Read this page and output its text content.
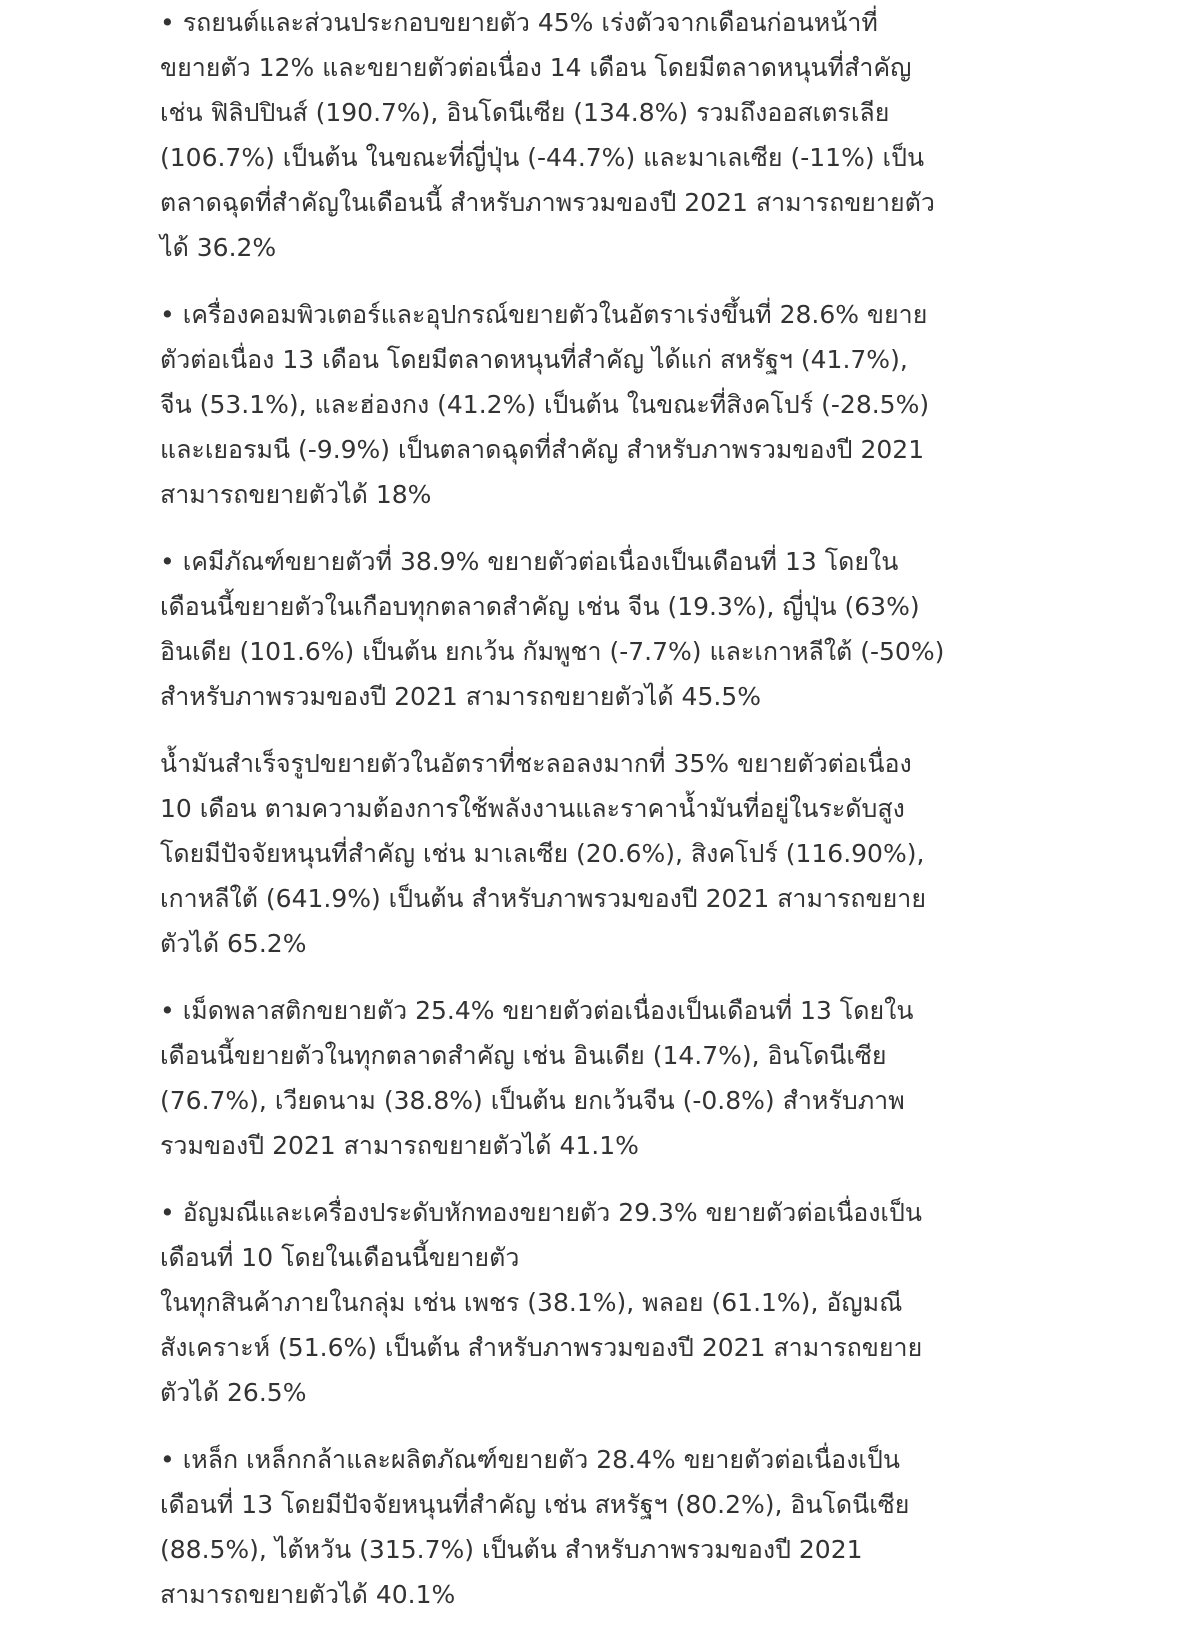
• รถยนต์และส่วนประกอบขยายตัว 45% เร่งตัวจากเดือนก่อนหน้าที่
ขยายตัว 12% และขยายตัวต่อเนื่อง 14 เดือน โดยมีตลาดหนุนที่สำคัญ
เช่น ฟิลิปปินส์ (190.7%), อินโดนีเซีย (134.8%) รวมถึงออสเตรเลีย
(106.7%) เป็นต้น ในขณะที่ญี่ปุ่น (-44.7%) และมาเลเซีย (-11%) เป็น
ตลาดฉุดที่สำคัญในเดือนนี้ สำหรับภาพรวมของปี 2021 สามารถขยายตัว
ได้ 36.2%
• เครื่องคอมพิวเตอร์และอุปกรณ์ขยายตัวในอัตราเร่งขึ้นที่ 28.6% ขยาย
ตัวต่อเนื่อง 13 เดือน โดยมีตลาดหนุนที่สำคัญ ได้แก่ สหรัฐฯ (41.7%),
จีน (53.1%), และฮ่องกง (41.2%) เป็นต้น ในขณะที่สิงคโปร์ (-28.5%)
และเยอรมนี (-9.9%) เป็นตลาดฉุดที่สำคัญ สำหรับภาพรวมของปี 2021
สามารถขยายตัวได้ 18%
• เคมีภัณฑ์ขยายตัวที่ 38.9% ขยายตัวต่อเนื่องเป็นเดือนที่ 13 โดยใน
เดือนนี้ขยายตัวในเกือบทุกตลาดสำคัญ เช่น จีน (19.3%), ญี่ปุ่น (63%)
อินเดีย (101.6%) เป็นต้น ยกเว้น กัมพูชา (-7.7%) และเกาหลีใต้ (-50%)
สำหรับภาพรวมของปี 2021 สามารถขยายตัวได้ 45.5%
น้ำมันสำเร็จรูปขยายตัวในอัตราที่ชะลอลงมากที่ 35% ขยายตัวต่อเนื่อง
10 เดือน ตามความต้องการใช้พลังงานและราคาน้ำมันที่อยู่ในระดับสูง
โดยมีปัจจัยหนุนที่สำคัญ เช่น มาเลเซีย (20.6%), สิงคโปร์ (116.90%),
เกาหลีใต้ (641.9%) เป็นต้น สำหรับภาพรวมของปี 2021 สามารถขยาย
ตัวได้ 65.2%
• เม็ดพลาสติกขยายตัว 25.4% ขยายตัวต่อเนื่องเป็นเดือนที่ 13 โดยใน
เดือนนี้ขยายตัวในทุกตลาดสำคัญ เช่น อินเดีย (14.7%), อินโดนีเซีย
(76.7%), เวียดนาม (38.8%) เป็นต้น ยกเว้นจีน (-0.8%) สำหรับภาพ
รวมของปี 2021 สามารถขยายตัวได้ 41.1%
• อัญมณีและเครื่องประดับหักทองขยายตัว 29.3% ขยายตัวต่อเนื่องเป็น
เดือนที่ 10 โดยในเดือนนี้ขยายตัว
ในทุกสินค้าภายในกลุ่ม เช่น เพชร (38.1%), พลอย (61.1%), อัญมณี
สังเคราะห์ (51.6%) เป็นต้น สำหรับภาพรวมของปี 2021 สามารถขยาย
ตัวได้ 26.5%
• เหล็ก เหล็กกล้าและผลิตภัณฑ์ขยายตัว 28.4% ขยายตัวต่อเนื่องเป็น
เดือนที่ 13 โดยมีปัจจัยหนุนที่สำคัญ เช่น สหรัฐฯ (80.2%), อินโดนีเซีย
(88.5%), ไต้หวัน (315.7%) เป็นต้น สำหรับภาพรวมของปี 2021
สามารถขยายตัวได้ 40.1%
